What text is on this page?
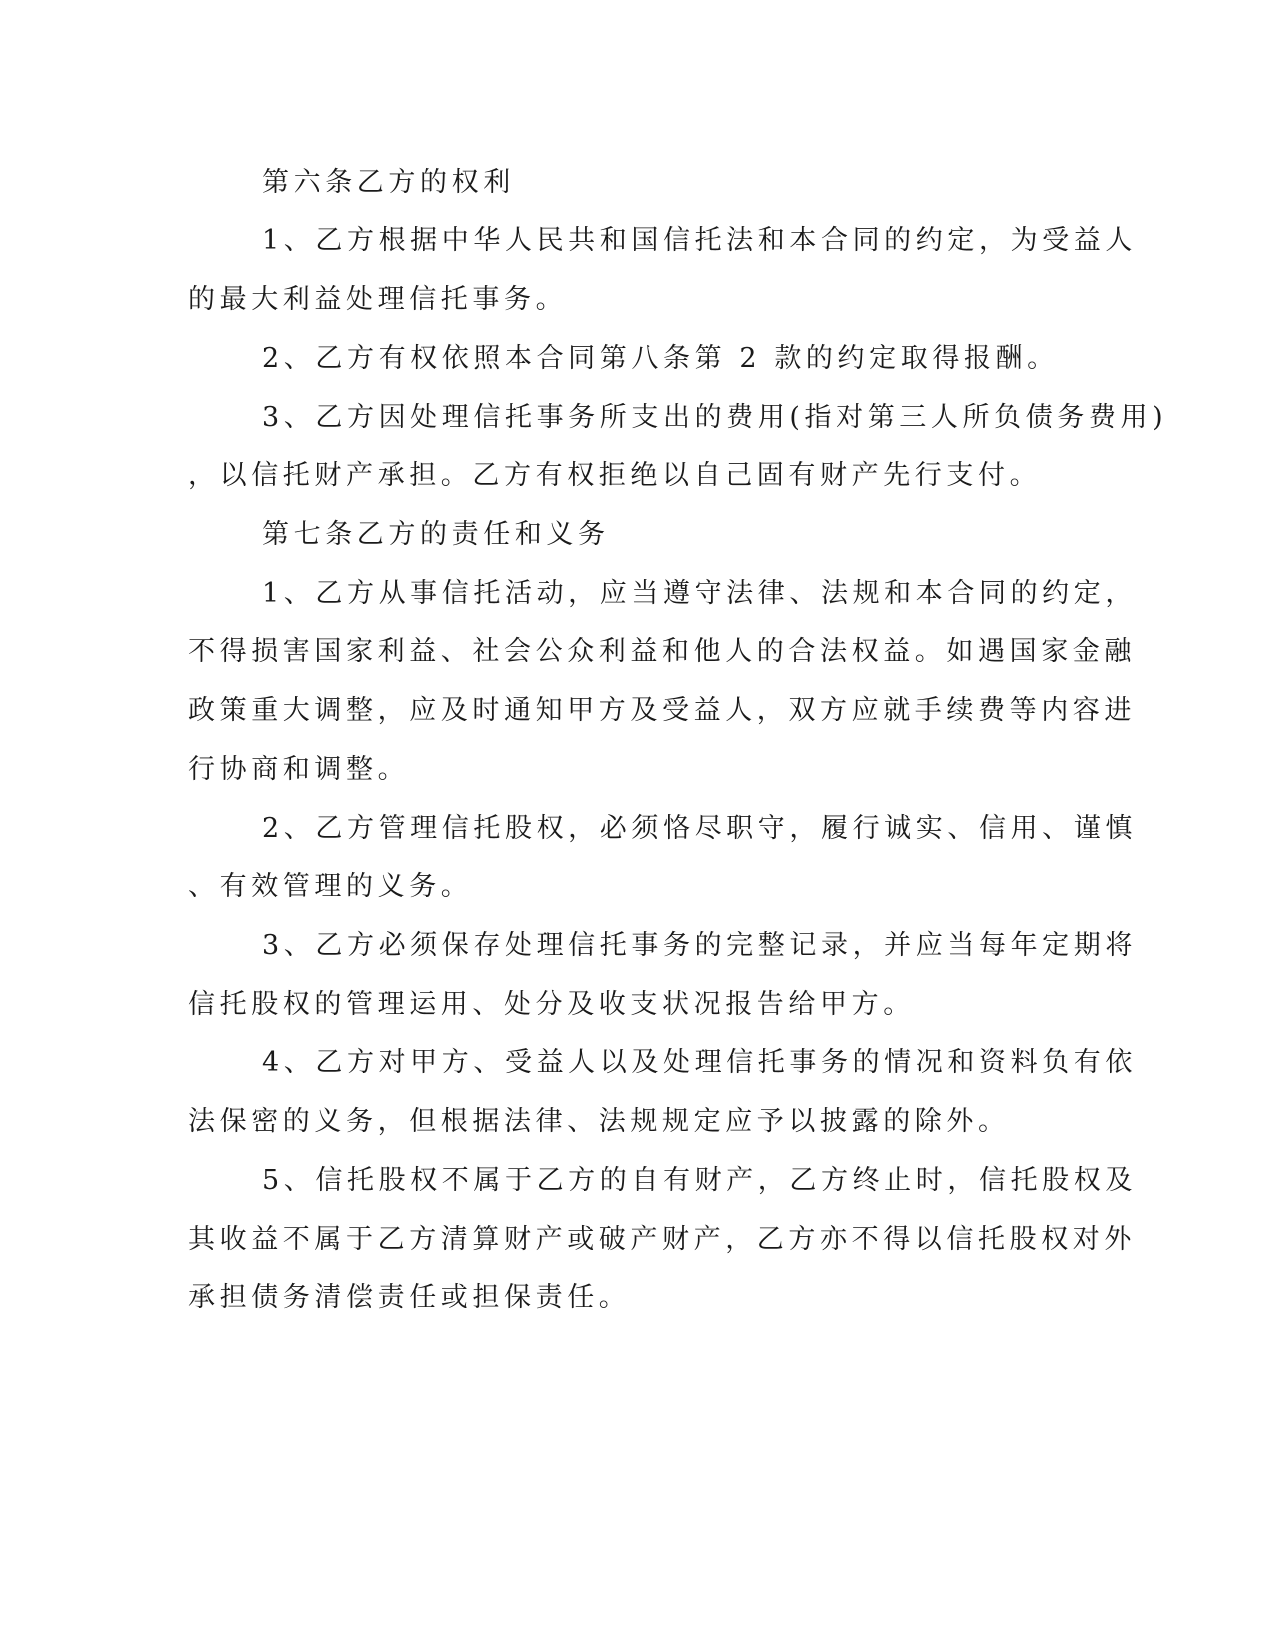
第六条乙方的权利
1、乙方根据中华人民共和国信托法和本合同的约定，为受益人
的最大利益处理信托事务。
2、乙方有权依照本合同第八条第 2 款的约定取得报酬。
3、乙方因处理信托事务所支出的费用(指对第三人所负债务费用)
，以信托财产承担。乙方有权拒绝以自己固有财产先行支付。
第七条乙方的责任和义务
1、乙方从事信托活动，应当遵守法律、法规和本合同的约定，
不得损害国家利益、社会公众利益和他人的合法权益。如遇国家金融
政策重大调整，应及时通知甲方及受益人，双方应就手续费等内容进
行协商和调整。
2、乙方管理信托股权，必须恪尽职守，履行诚实、信用、谨慎
、有效管理的义务。
3、乙方必须保存处理信托事务的完整记录，并应当每年定期将
信托股权的管理运用、处分及收支状况报告给甲方。
4、乙方对甲方、受益人以及处理信托事务的情况和资料负有依
法保密的义务，但根据法律、法规规定应予以披露的除外。
5、信托股权不属于乙方的自有财产，乙方终止时，信托股权及
其收益不属于乙方清算财产或破产财产，乙方亦不得以信托股权对外
承担债务清偿责任或担保责任。
